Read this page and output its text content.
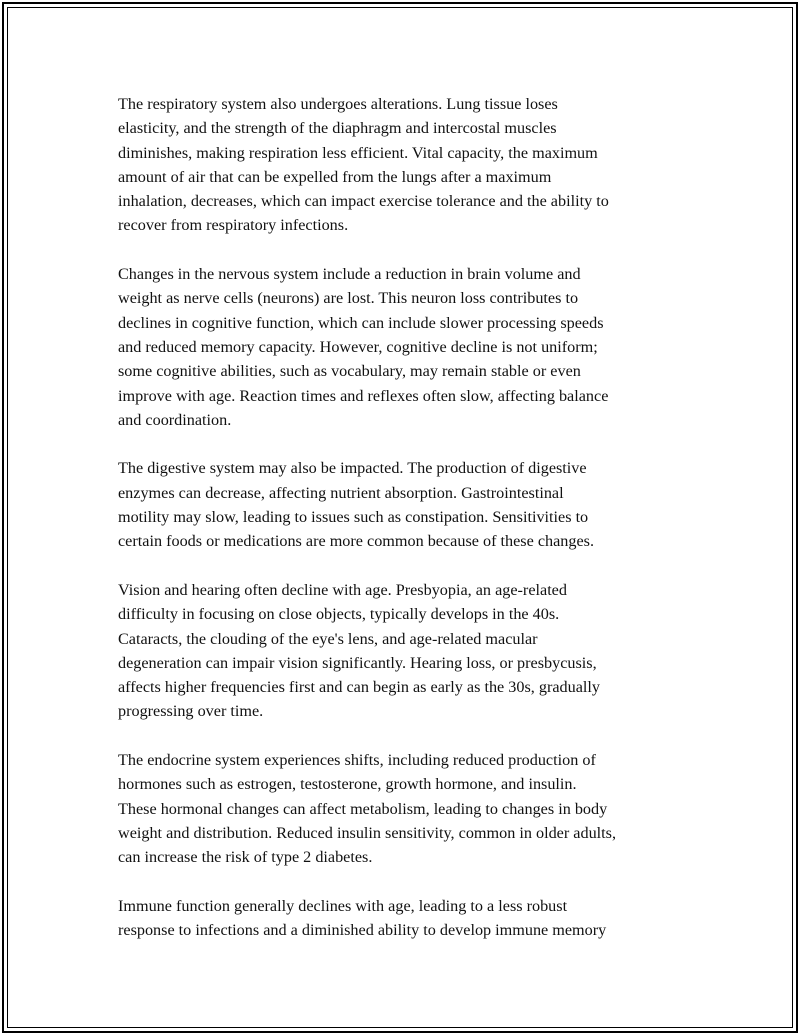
The respiratory system also undergoes alterations. Lung tissue loses
elasticity, and the strength of the diaphragm and intercostal muscles
diminishes, making respiration less efficient. Vital capacity, the maximum
amount of air that can be expelled from the lungs after a maximum
inhalation, decreases, which can impact exercise tolerance and the ability to
recover from respiratory infections.

Changes in the nervous system include a reduction in brain volume and
weight as nerve cells (neurons) are lost. This neuron loss contributes to
declines in cognitive function, which can include slower processing speeds
and reduced memory capacity. However, cognitive decline is not uniform;
some cognitive abilities, such as vocabulary, may remain stable or even
improve with age. Reaction times and reflexes often slow, affecting balance
and coordination.

The digestive system may also be impacted. The production of digestive
enzymes can decrease, affecting nutrient absorption. Gastrointestinal
motility may slow, leading to issues such as constipation. Sensitivities to
certain foods or medications are more common because of these changes.

Vision and hearing often decline with age. Presbyopia, an age-related
difficulty in focusing on close objects, typically develops in the 40s.
Cataracts, the clouding of the eye's lens, and age-related macular
degeneration can impair vision significantly. Hearing loss, or presbycusis,
affects higher frequencies first and can begin as early as the 30s, gradually
progressing over time.

The endocrine system experiences shifts, including reduced production of
hormones such as estrogen, testosterone, growth hormone, and insulin.
These hormonal changes can affect metabolism, leading to changes in body
weight and distribution. Reduced insulin sensitivity, common in older adults,
can increase the risk of type 2 diabetes.

Immune function generally declines with age, leading to a less robust
response to infections and a diminished ability to develop immune memory
